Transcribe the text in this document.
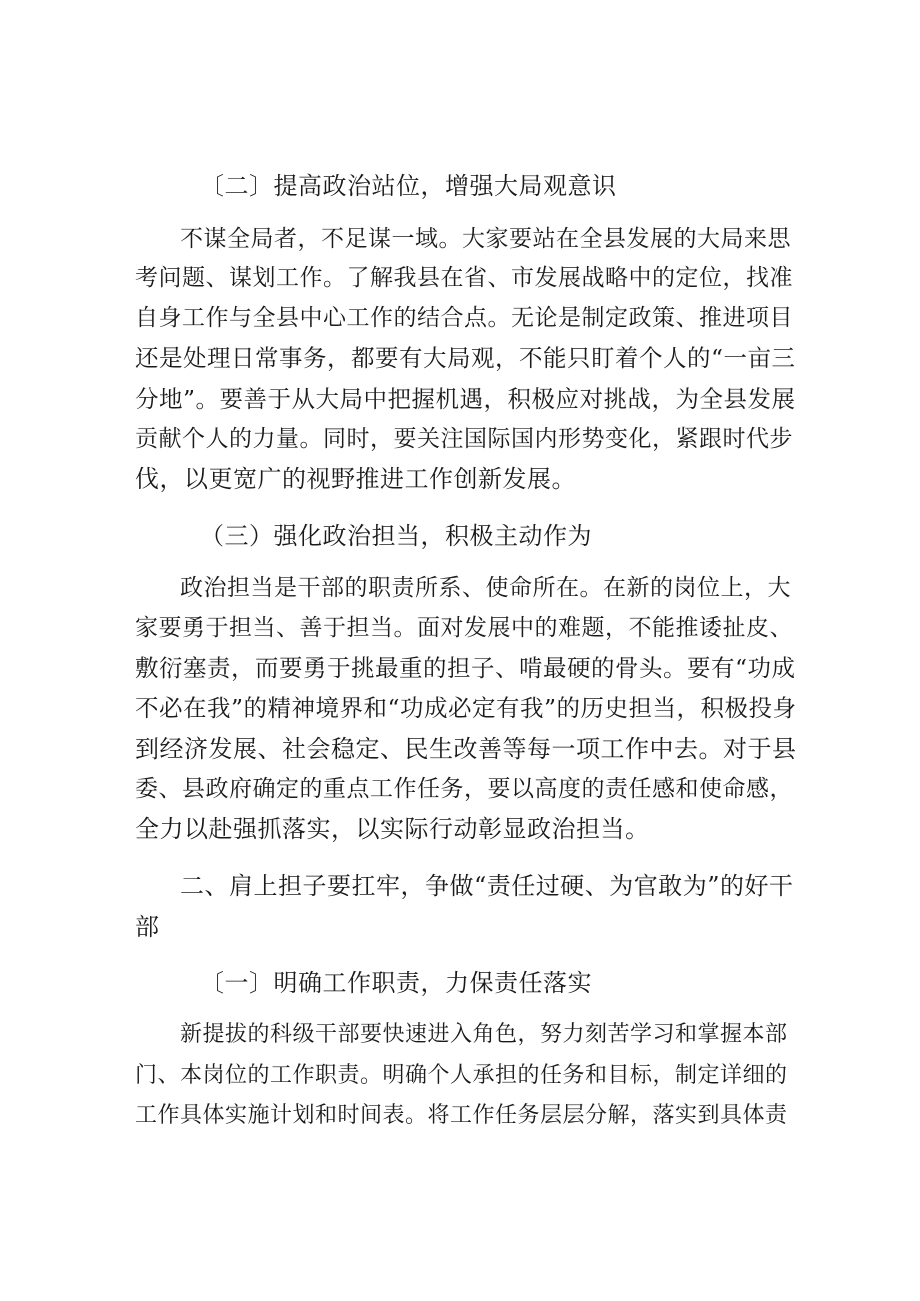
〔二〕提高政治站位，增强大局观意识
不谋全局者，不足谋一域。大家要站在全县发展的大局来思
考问题、谋划工作。了解我县在省、市发展战略中的定位，找准
自身工作与全县中心工作的结合点。无论是制定政策、推进项目
还是处理日常事务，都要有大局观，不能只盯着个人的“一亩三
分地”。要善于从大局中把握机遇，积极应对挑战，为全县发展
贡献个人的力量。同时，要关注国际国内形势变化，紧跟时代步
伐，以更宽广的视野推进工作创新发展。
（三）强化政治担当，积极主动作为
政治担当是干部的职责所系、使命所在。在新的岗位上，大
家要勇于担当、善于担当。面对发展中的难题，不能推诿扯皮、
敷衍塞责，而要勇于挑最重的担子、啃最硬的骨头。要有“功成
不必在我”的精神境界和“功成必定有我”的历史担当，积极投身
到经济发展、社会稳定、民生改善等每一项工作中去。对于县
委、县政府确定的重点工作任务，要以高度的责任感和使命感，
全力以赴强抓落实，以实际行动彰显政治担当。
二、肩上担子要扛牢，争做“责任过硬、为官敢为”的好干
部
〔一〕明确工作职责，力保责任落实
新提拔的科级干部要快速进入角色，努力刻苦学习和掌握本部
门、本岗位的工作职责。明确个人承担的任务和目标，制定详细的
工作具体实施计划和时间表。将工作任务层层分解，落实到具体责
